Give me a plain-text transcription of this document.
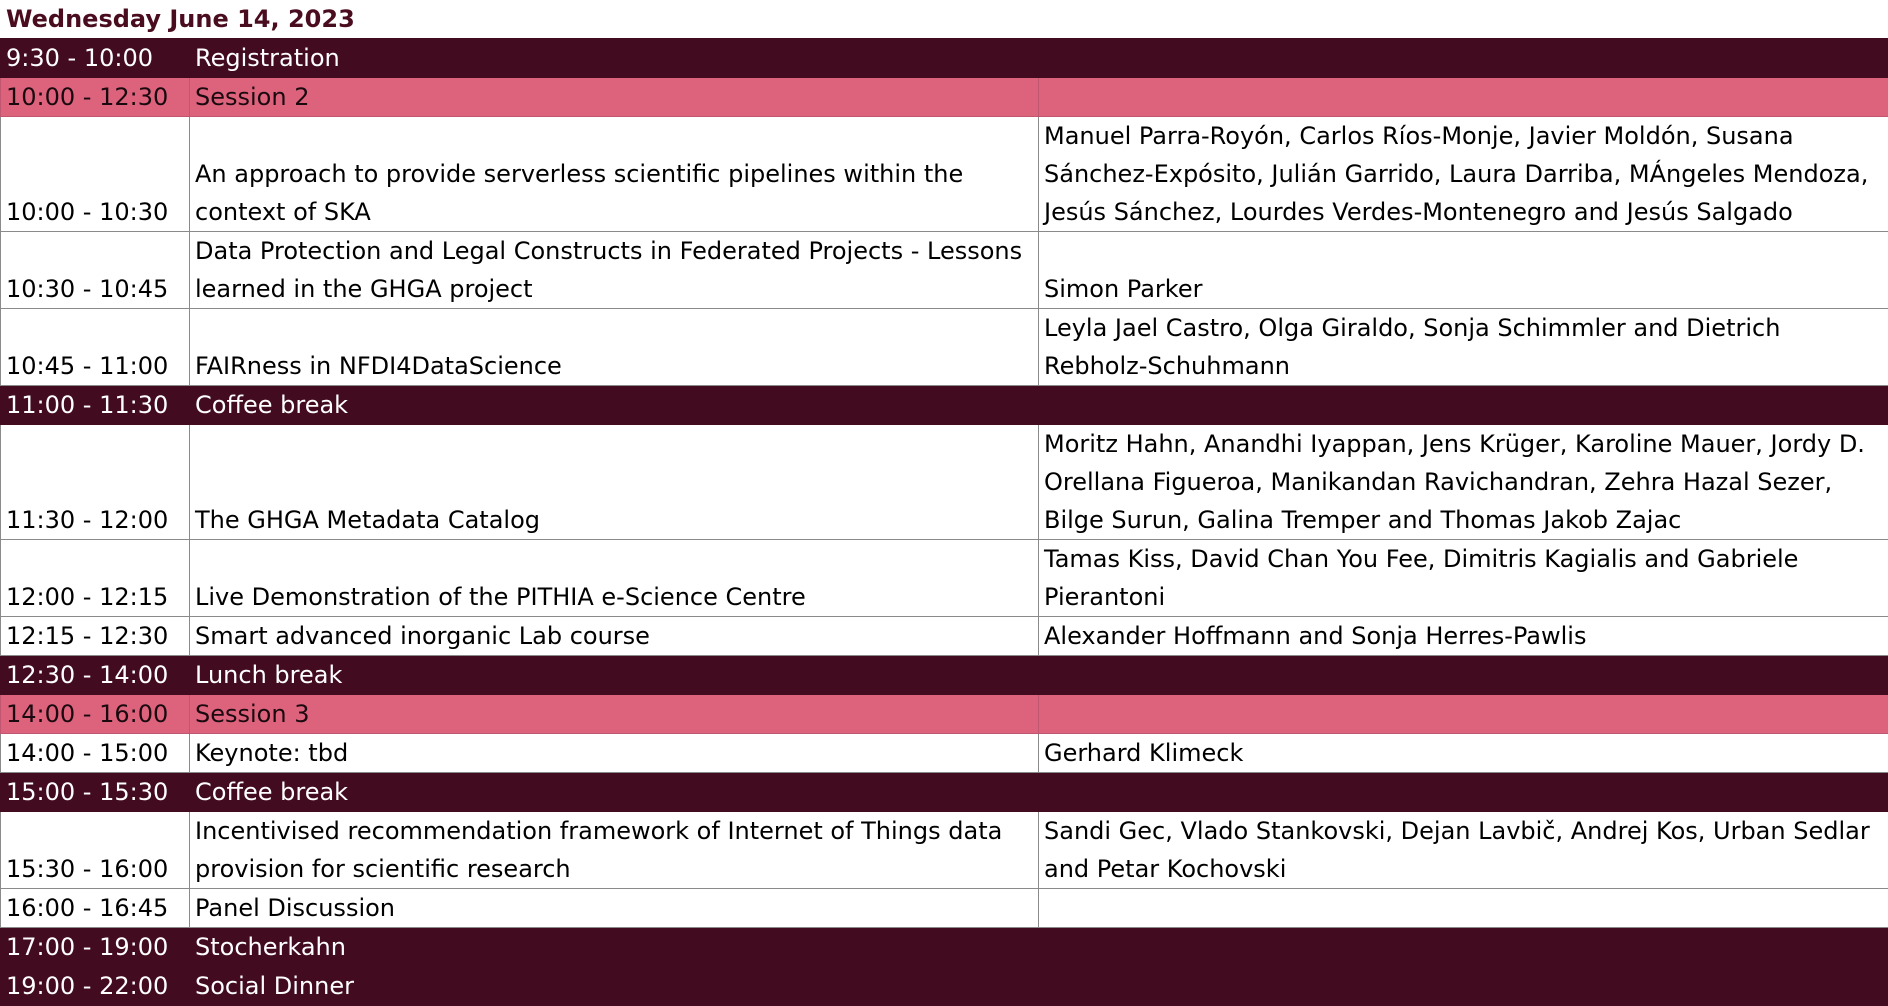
Wednesday June 14, 2023
9:30 - 10:00	Registration	
10:00 - 12:30	Session 2	
10:00 - 10:30	An approach to provide serverless scientific pipelines within the context of SKA	Manuel Parra-Royón, Carlos Ríos-Monje, Javier Moldón, Susana Sánchez-Expósito, Julián Garrido, Laura Darriba, MÁngeles Mendoza, Jesús Sánchez, Lourdes Verdes-Montenegro and Jesús Salgado
10:30 - 10:45	Data Protection and Legal Constructs in Federated Projects - Lessons learned in the GHGA project	Simon Parker
10:45 - 11:00	FAIRness in NFDI4DataScience	Leyla Jael Castro, Olga Giraldo, Sonja Schimmler and Dietrich Rebholz-Schuhmann
11:00 - 11:30	Coffee break	
11:30 - 12:00	The GHGA Metadata Catalog	Moritz Hahn, Anandhi Iyappan, Jens Krüger, Karoline Mauer, Jordy D. Orellana Figueroa, Manikandan Ravichandran, Zehra Hazal Sezer, Bilge Surun, Galina Tremper and Thomas Jakob Zajac
12:00 - 12:15	Live Demonstration of the PITHIA e-Science Centre	Tamas Kiss, David Chan You Fee, Dimitris Kagialis and Gabriele Pierantoni
12:15 - 12:30	Smart advanced inorganic Lab course	Alexander Hoffmann and Sonja Herres-Pawlis
12:30 - 14:00	Lunch break	
14:00 - 16:00	Session 3	
14:00 - 15:00	Keynote: tbd	Gerhard Klimeck
15:00 - 15:30	Coffee break	
15:30 - 16:00	Incentivised recommendation framework of Internet of Things data provision for scientific research	Sandi Gec, Vlado Stankovski, Dejan Lavbič, Andrej Kos, Urban Sedlar and Petar Kochovski
16:00 - 16:45	Panel Discussion	
17:00 - 19:00	Stocherkahn	
19:00 - 22:00	Social Dinner	
